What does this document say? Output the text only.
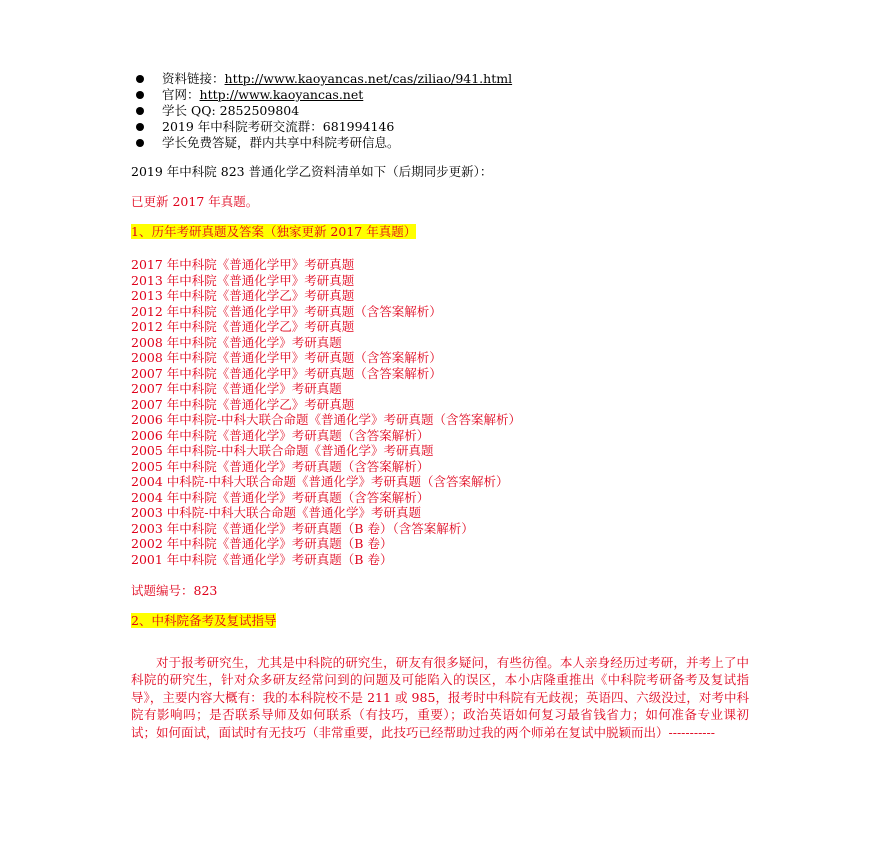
资料链接：http://www.kaoyancas.net/cas/ziliao/941.html
官网：http://www.kaoyancas.net
学长 QQ: 2852509804
2019 年中科院考研交流群：681994146
学长免费答疑，群内共享中科院考研信息。
2019 年中科院 823 普通化学乙资料清单如下（后期同步更新）：
已更新 2017 年真题。
1、历年考研真题及答案（独家更新 2017 年真题）
2017 年中科院《普通化学甲》考研真题
2013 年中科院《普通化学甲》考研真题
2013 年中科院《普通化学乙》考研真题
2012 年中科院《普通化学甲》考研真题（含答案解析）
2012 年中科院《普通化学乙》考研真题
2008 年中科院《普通化学》考研真题
2008 年中科院《普通化学甲》考研真题（含答案解析）
2007 年中科院《普通化学甲》考研真题（含答案解析）
2007 年中科院《普通化学》考研真题
2007 年中科院《普通化学乙》考研真题
2006 年中科院-中科大联合命题《普通化学》考研真题（含答案解析）
2006 年中科院《普通化学》考研真题（含答案解析）
2005 年中科院-中科大联合命题《普通化学》考研真题
2005 年中科院《普通化学》考研真题（含答案解析）
2004 中科院-中科大联合命题《普通化学》考研真题（含答案解析）
2004 年中科院《普通化学》考研真题（含答案解析）
2003 中科院-中科大联合命题《普通化学》考研真题
2003 年中科院《普通化学》考研真题（B 卷）（含答案解析）
2002 年中科院《普通化学》考研真题（B 卷）
2001 年中科院《普通化学》考研真题（B 卷）
试题编号：823
2、中科院备考及复试指导

对于报考研究生，尤其是中科院的研究生，研友有很多疑问，有些彷徨。本人亲身经历过考研，并考上了中科院的研究生，针对众多研友经常问到的问题及可能陷入的误区，本小店隆重推出《中科院考研备考及复试指导》，主要内容大概有：我的本科院校不是 211 或 985，报考时中科院有无歧视；英语四、六级没过，对考中科院有影响吗；是否联系导师及如何联系（有技巧，重要）；政治英语如何复习最省钱省力；如何准备专业课初试；如何面试，面试时有无技巧（非常重要，此技巧已经帮助过我的两个师弟在复试中脱颖而出）-----------
